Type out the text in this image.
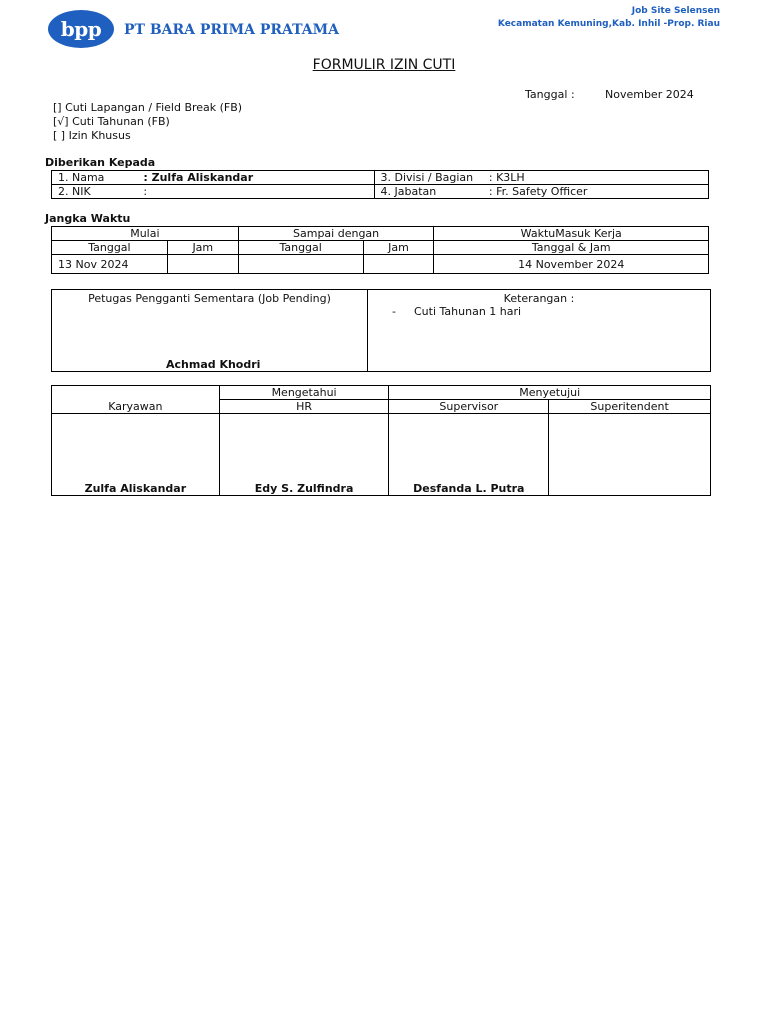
bpp	PT BARA PRIMA PRATAMA
Job Site Selensen
Kecamatan Kemuning,Kab. Inhil -Prop. Riau
FORMULIR IZIN CUTI
Tanggal :	November 2024
[] Cuti Lapangan / Field Break (FB)
[√] Cuti Tahunan (FB)
[ ] Izin Khusus
Diberikan Kepada
1. Nama	: Zulfa Aliskandar	3. Divisi / Bagian	: K3LH
2. NIK	:	4. Jabatan	: Fr. Safety Officer
Jangka Waktu
Mulai		Sampai dengan		WaktuMasuk Kerja
Tanggal	Jam	Tanggal	Jam	Tanggal & Jam
13 Nov 2024				14 November 2024
Petugas Pengganti Sementara (Job Pending)
Achmad Khodri
Keterangan :
- Cuti Tahunan 1 hari
Karyawan	Mengetahui	Menyetujui	
	HR	Supervisor	Superitendent
Zulfa Aliskandar	Edy S. Zulfindra	Desfanda L. Putra	
